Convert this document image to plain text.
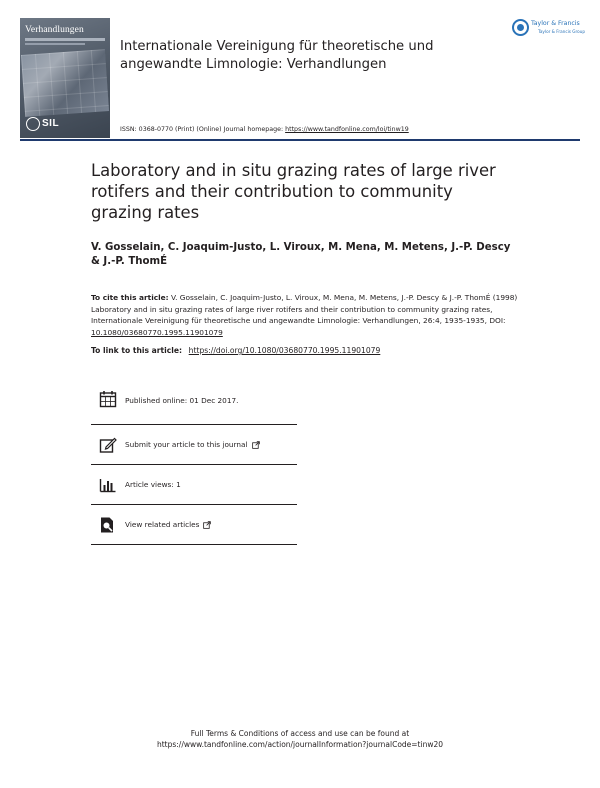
Verhandlungen
SIL
Internationale Vereinigung für theoretische und angewandte Limnologie: Verhandlungen
ISSN: 0368-0770 (Print) (Online) Journal homepage: https://www.tandfonline.com/loi/tinw19
Taylor & Francis
Taylor & Francis Group
Laboratory and in situ grazing rates of large river rotifers and their contribution to community grazing rates
V. Gosselain, C. Joaquim-Justo, L. Viroux, M. Mena, M. Metens, J.-P. Descy & J.-P. ThomÉ
To cite this article: V. Gosselain, C. Joaquim-Justo, L. Viroux, M. Mena, M. Metens, J.-P. Descy & J.-P. ThomÉ (1998) Laboratory and in situ grazing rates of large river rotifers and their contribution to community grazing rates, Internationale Vereinigung für theoretische und angewandte Limnologie: Verhandlungen, 26:4, 1935-1935, DOI: 10.1080/03680770.1995.11901079
To link to this article: https://doi.org/10.1080/03680770.1995.11901079
Published online: 01 Dec 2017.
Submit your article to this journal
Article views: 1
View related articles
Full Terms & Conditions of access and use can be found at
https://www.tandfonline.com/action/journalInformation?journalCode=tinw20
